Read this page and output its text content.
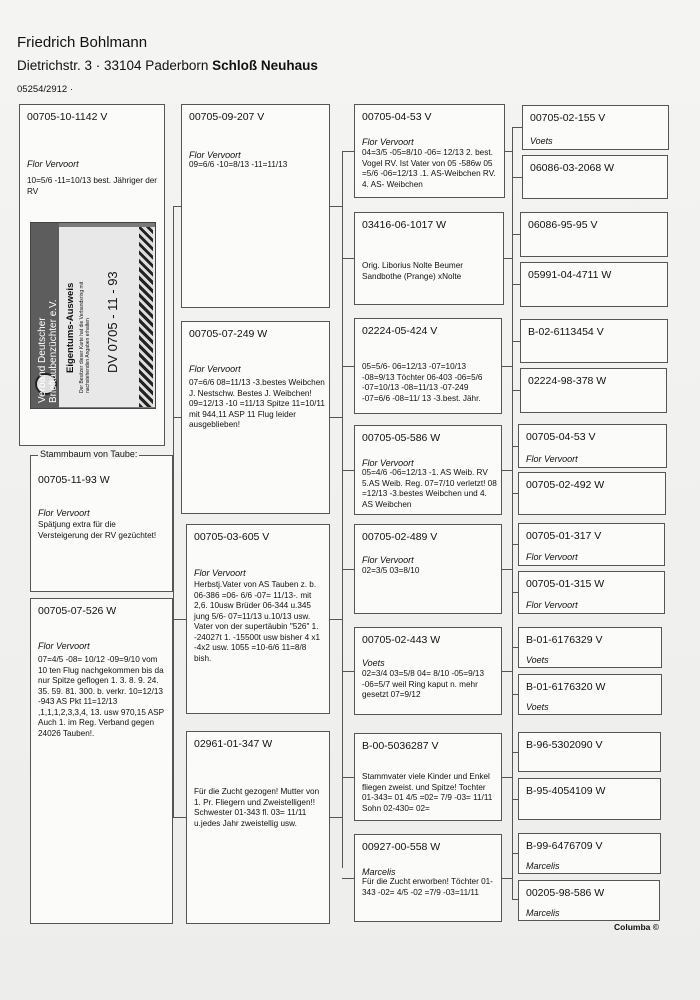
Friedrich Bohlmann
Dietrichstr. 3 · 33104 Paderborn Schloß Neuhaus
05254/2912 ·
00705-10-1142 V
Flor Vervoort
10=5/6 -11=10/13 best. Jähriger der RV
Verband Deutscher Brieftaubenzüchter e.V. Eigentums-Ausweis Der Besitzer dieser Karte hat die Verbandsring mit nachstehenden Angaben erhalten DV 0705 - 11 - 93
00705-11-93 W
Flor Vervoort
Spätjung extra für die Versteigerung der RV gezüchtet!
Stammbaum von Taube:
00705-07-526 W
Flor Vervoort
07=4/5 -08= 10/12 -09=9/10 vom 10 ten Flug nachgekommen bis da nur Spitze geflogen 1. 3. 8. 9. 24. 35. 59. 81. 300. b. verkr. 10=12/13 -943 AS Pkt 11=12/13 ,1,1,1,2,3,3,4, 13. usw 970,15 ASP Auch 1. im Reg. Verband gegen 24026 Tauben!.
00705-09-207 V
Flor Vervoort
09=6/6 -10=8/13 -11=11/13
00705-07-249 W
Flor Vervoort
07=6/6 08=11/13 -3.bestes Weibchen J. Nestschw. Bestes J. Weibchen! 09=12/13 -10 =11/13 Spitze 11=10/11 mit 944,11 ASP 11 Flug leider ausgeblieben!
00705-03-605 V
Flor Vervoort
Herbstj.Vater von AS Tauben z. b. 06-386 =06- 6/6 -07= 11/13-. mit 2,6. 10usw Brüder 06-344 u.345 jung 5/6- 07=11/13 u.10/13 usw. Vater von der supertäubin "526" 1. -24027t 1. -15500t usw bisher 4 x1 -4x2 usw. 1055 =10-6/6 11=8/8 bish.
02961-01-347 W
Für die Zucht gezogen! Mutter von 1. Pr. Fliegern und Zweistelligen!! Schwester 01-343 fl. 03= 11/11 u.jedes Jahr zweistellig usw.
00705-04-53 V
Flor Vervoort
04=3/5 -05=8/10 -06= 12/13 2. best. Vogel RV. Ist Vater von 05 -586w 05 =5/6 -06=12/13 .1. AS-Weibchen RV. 4. AS- Weibchen
03416-06-1017 W
Orig. Liborius Nolte Beumer Sandbothe (Prange) xNolte
02224-05-424 V
05=5/6- 06=12/13 -07=10/13 -08=9/13 Töchter 06-403 -06=5/6 -07=10/13 -08=11/13 -07-249 -07=6/6 -08=11/ 13 -3.best. Jähr.
00705-05-586 W
Flor Vervoort
05=4/6 -06=12/13 -1. AS Weib. RV 5.AS Weib. Reg. 07=7/10 verletzt! 08 =12/13 -3.bestes Weibchen und 4. AS Weibchen
00705-02-489 V
Flor Vervoort
02=3/5 03=8/10
00705-02-443 W
Voets
02=3/4 03=5/8 04= 8/10 -05=9/13 -06=5/7 weil Ring kaput n. mehr gesetzt 07=9/12
B-00-5036287 V
Stammvater viele Kinder und Enkel fliegen zweist. und Spitze! Tochter 01-343= 01 4/5 =02= 7/9 -03= 11/11 Sohn 02-430= 02=
00927-00-558 W
Marcelis
Für die Zucht erworben! Töchter 01-343 -02= 4/5 -02 =7/9 -03=11/11
00705-02-155 V
Voets
06086-03-2068 W
06086-95-95 V
05991-04-4711 W
B-02-6113454 V
02224-98-378 W
00705-04-53 V
Flor Vervoort
00705-02-492 W
00705-01-317 V
Flor Vervoort
00705-01-315 W
Flor Vervoort
B-01-6176329 V
Voets
B-01-6176320 W
Voets
B-96-5302090 V
B-95-4054109 W
B-99-6476709 V
Marcelis
00205-98-586 W
Marcelis
Columba ©
